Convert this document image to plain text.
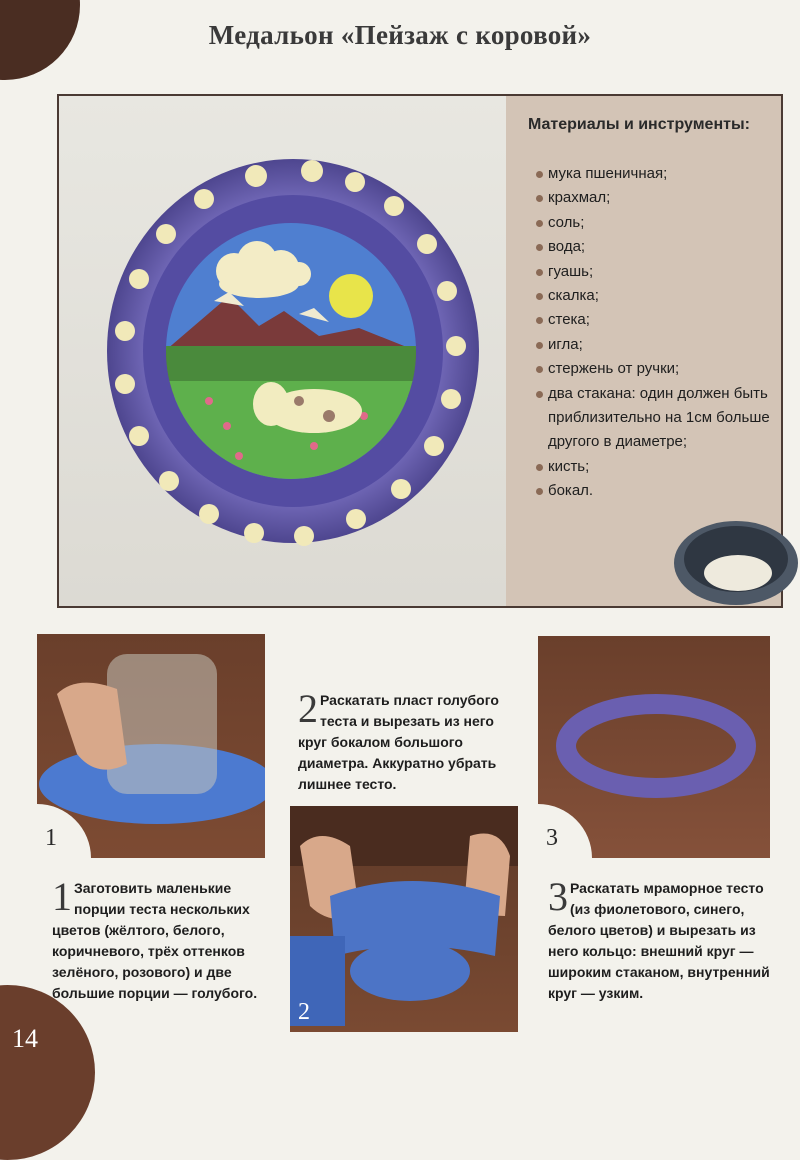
Медальон «Пейзаж с коровой»
Материалы и инструменты:
мука пшеничная;
крахмал;
соль;
вода;
гуашь;
скалка;
стека;
игла;
стержень от ручки;
два стакана: один должен быть приблизительно на 1см больше другого в диаметре;
кисть;
бокал.
1
2
3
1 Заготовить маленькие порции теста нескольких цветов (жёлтого, белого, коричневого, трёх оттенков зелёного, розового) и две большие порции — голубого.
2 Раскатать пласт голубого теста и вырезать из него круг бокалом большого диаметра. Аккуратно убрать лишнее тесто.
3 Раскатать мраморное тесто (из фиолетового, синего, белого цветов) и вырезать из него кольцо: внешний круг — широким стаканом, внутренний круг — узким.
14
